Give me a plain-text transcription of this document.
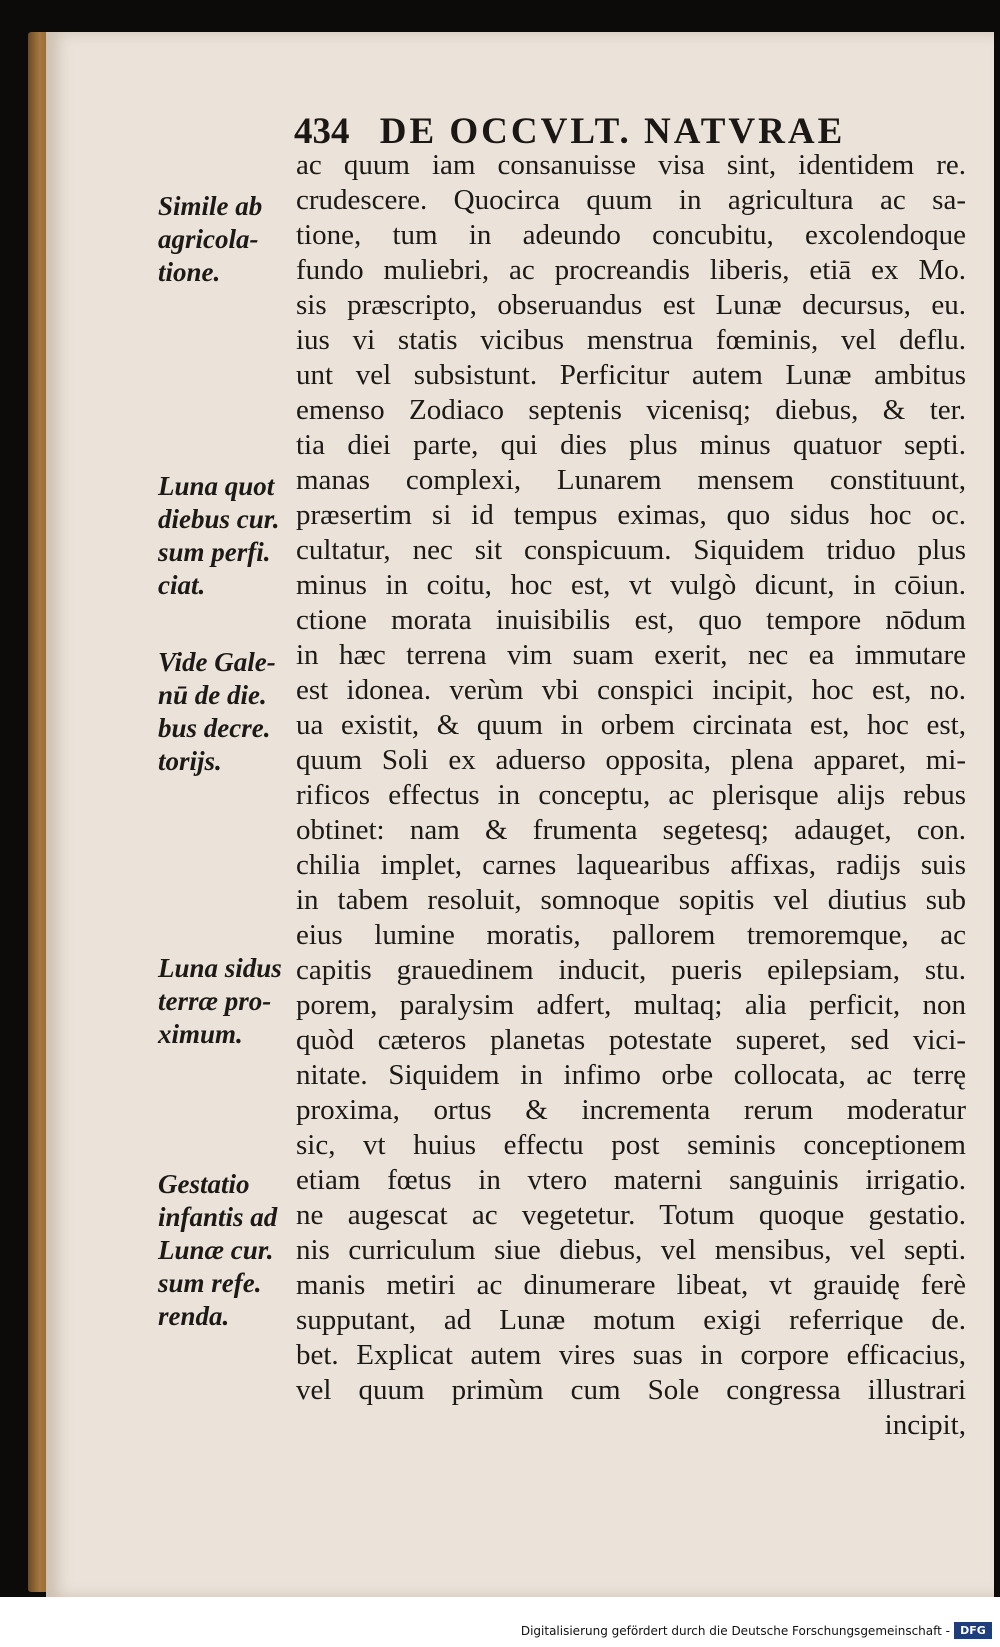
434 DE OCCVLT. NATVRAE
ac quum iam consanuisse visa sint, identidem re.
crudescere. Quocirca quum in agricultura ac sa-
tione, tum in adeundo concubitu, excolendoque
fundo muliebri, ac procreandis liberis, etiā ex Mo.
sis præscripto, obseruandus est Lunæ decursus, eu.
ius vi statis vicibus menstrua fœminis, vel deflu.
unt vel subsistunt. Perficitur autem Lunæ ambitus
emenso Zodiaco septenis vicenisq; diebus, & ter.
tia diei parte, qui dies plus minus quatuor septi.
manas complexi, Lunarem mensem constituunt,
præsertim si id tempus eximas, quo sidus hoc oc.
cultatur, nec sit conspicuum. Siquidem triduo plus
minus in coitu, hoc est, vt vulgò dicunt, in cōiun.
ctione morata inuisibilis est, quo tempore nōdum
in hæc terrena vim suam exerit, nec ea immutare
est idonea. verùm vbi conspici incipit, hoc est, no.
ua existit, & quum in orbem circinata est, hoc est,
quum Soli ex aduerso opposita, plena apparet, mi-
rificos effectus in conceptu, ac plerisque alijs rebus
obtinet: nam & frumenta segetesq; adauget, con.
chilia implet, carnes laquearibus affixas, radijs suis
in tabem resoluit, somnoque sopitis vel diutius sub
eius lumine moratis, pallorem tremoremque, ac
capitis grauedinem inducit, pueris epilepsiam, stu.
porem, paralysim adfert, multaq; alia perficit, non
quòd cæteros planetas potestate superet, sed vici-
nitate. Siquidem in infimo orbe collocata, ac terrę
proxima, ortus & incrementa rerum moderatur
sic, vt huius effectu post seminis conceptionem
etiam fœtus in vtero materni sanguinis irrigatio.
ne augescat ac vegetetur. Totum quoque gestatio.
nis curriculum siue diebus, vel mensibus, vel septi.
manis metiri ac dinumerare libeat, vt grauidę ferè
supputant, ad Lunæ motum exigi referrique de.
bet. Explicat autem vires suas in corpore efficacius,
vel quum primùm cum Sole congressa illustrari
incipit,
Simile ab
agricola-
tione.
Luna quot
diebus cur.
sum perfi.
ciat.
Vide Gale-
nū de die.
bus decre.
torijs.
Luna sidus
terræ pro-
ximum.
Gestatio
infantis ad
Lunæ cur.
sum refe.
renda.
Digitalisierung gefördert durch die Deutsche Forschungsgemeinschaft - DFG
